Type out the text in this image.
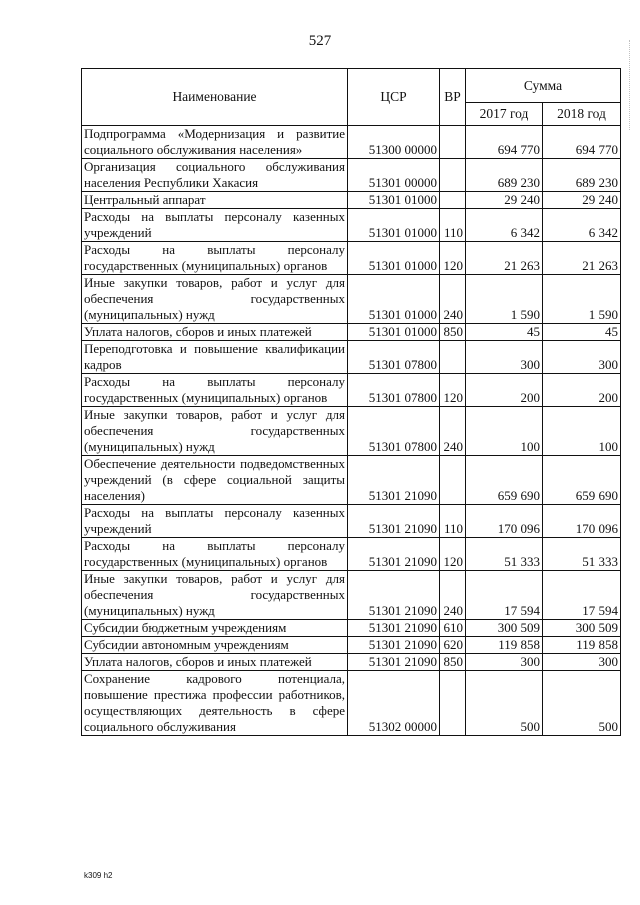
527
Наименование	ЦСР	ВР	Сумма	
			2017 год	2018 год
Подпрограмма «Модернизация и развитие социального обслуживания населения»	51300 00000		694 770	694 770
Организация социального обслуживания населения Республики Хакасия	51301 00000		689 230	689 230
Центральный аппарат	51301 01000		29 240	29 240
Расходы на выплаты персоналу казенных учреждений	51301 01000	110	6 342	6 342
Расходы на выплаты персоналу государственных (муниципальных) органов	51301 01000	120	21 263	21 263
Иные закупки товаров, работ и услуг для обеспечения государственных (муниципальных) нужд	51301 01000	240	1 590	1 590
Уплата налогов, сборов и иных платежей	51301 01000	850	45	45
Переподготовка и повышение квалификации кадров	51301 07800		300	300
Расходы на выплаты персоналу государственных (муниципальных) органов	51301 07800	120	200	200
Иные закупки товаров, работ и услуг для обеспечения государственных (муниципальных) нужд	51301 07800	240	100	100
Обеспечение деятельности подведомственных учреждений (в сфере социальной защиты населения)	51301 21090		659 690	659 690
Расходы на выплаты персоналу казенных учреждений	51301 21090	110	170 096	170 096
Расходы на выплаты персоналу государственных (муниципальных) органов	51301 21090	120	51 333	51 333
Иные закупки товаров, работ и услуг для обеспечения государственных (муниципальных) нужд	51301 21090	240	17 594	17 594
Субсидии бюджетным учреждениям	51301 21090	610	300 509	300 509
Субсидии автономным учреждениям	51301 21090	620	119 858	119 858
Уплата налогов, сборов и иных платежей	51301 21090	850	300	300
Сохранение кадрового потенциала, повышение престижа профессии работников, осуществляющих деятельность в сфере социального обслуживания	51302 00000		500	500
k309 h2
